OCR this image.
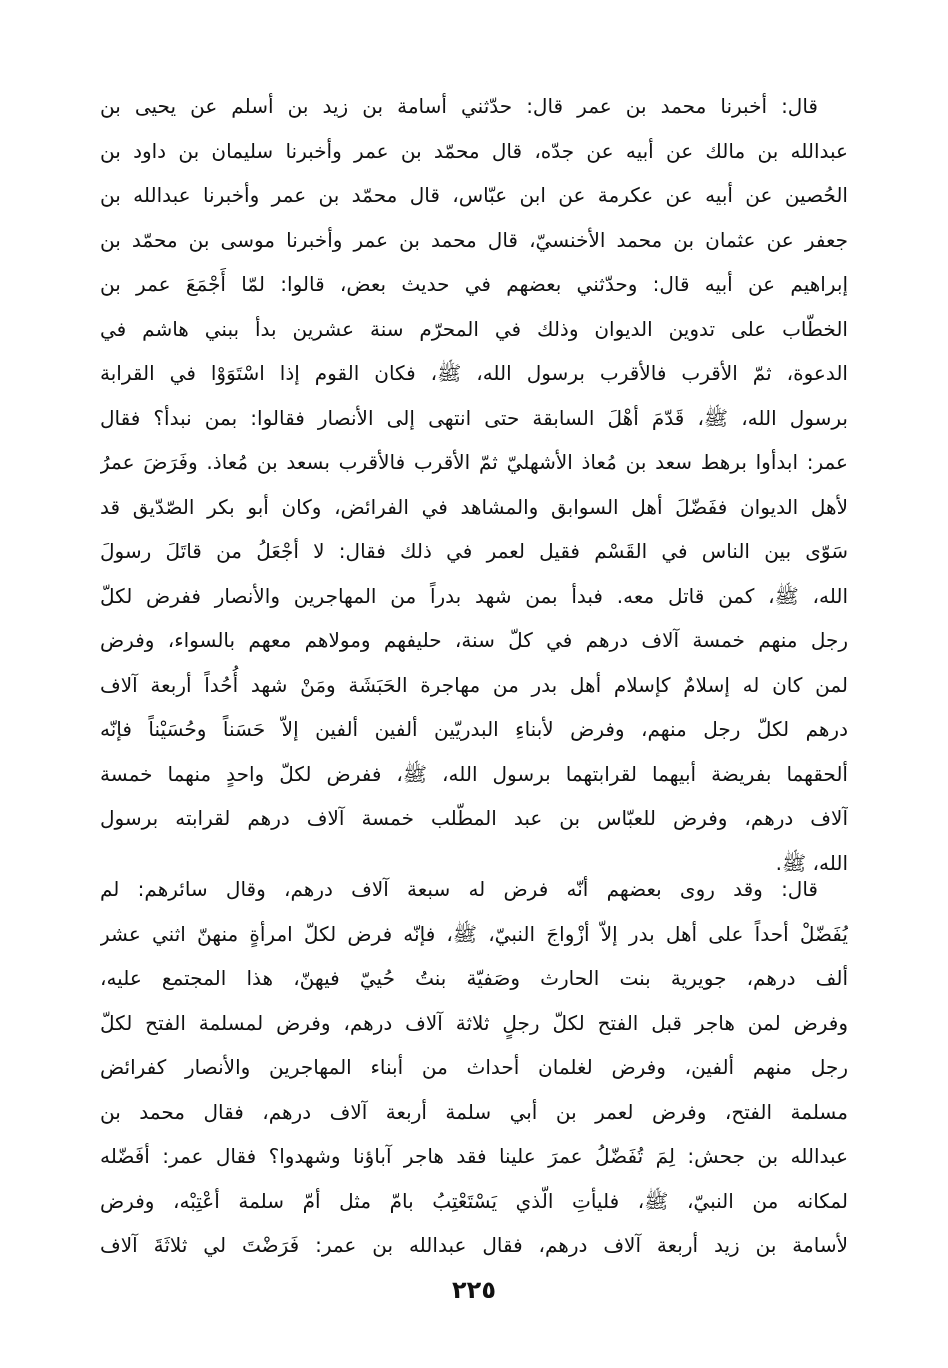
قال: أخبرنا محمد بن عمر قال: حدّثني أسامة بن زيد بن أسلم عن يحيى بن
عبدالله بن مالك عن أبيه عن جدّه، قال محمّد بن عمر وأخبرنا سليمان بن داود بن
الحُصين عن أبيه عن عكرمة عن ابن عبّاس، قال محمّد بن عمر وأخبرنا عبدالله بن
جعفر عن عثمان بن محمد الأخنسيّ، قال محمد بن عمر وأخبرنا موسى بن محمّد بن
إبراهيم عن أبيه قال: وحدّثني بعضهم في حديث بعض، قالوا: لمّا أَجْمَعَ عمر بن
الخطّاب على تدوين الديوان وذلك في المحرّم سنة عشرين بدأ ببني هاشم في
الدعوة، ثمّ الأقرب فالأقرب برسول الله، ﷺ، فكان القوم إذا اسْتَوَوْا في القرابة
برسول الله، ﷺ، قَدّمَ أهْلَ السابقة حتى انتهى إلى الأنصار فقالوا: بمن نبدأ؟ فقال
عمر: ابدأوا برهط سعد بن مُعاذ الأشهليّ ثمّ الأقرب فالأقرب بسعد بن مُعاذ. وفَرَضَ عمرُ
لأهل الديوان ففَضّلَ أهل السوابق والمشاهد في الفرائض، وكان أبو بكر الصّدّيق قد
سَوّى بين الناس في القَسْم فقيل لعمر في ذلك فقال: لا أجْعَلُ من قاتَلَ رسولَ
الله، ﷺ، كمن قاتل معه. فبدأ بمن شهد بدراً من المهاجرين والأنصار ففرض لكلّ
رجل منهم خمسة آلاف درهم في كلّ سنة، حليفهم ومولاهم معهم بالسواء، وفرض
لمن كان له إسلامٌ كإسلام أهل بدر من مهاجرة الحَبَشَة ومَنْ شهد أُحُداً أربعة آلاف
درهم لكلّ رجل منهم، وفرض لأبناءِ البدريّين ألفين ألفين إلاّ حَسَناً وحُسَيْناً فإنّه
ألحقهما بفريضة أبيهما لقرابتهما برسول الله، ﷺ، ففرض لكلّ واحدٍ منهما خمسة
آلاف درهم، وفرض للعبّاس بن عبد المطّلب خمسة آلاف درهم لقرابته برسول
الله، ﷺ.
قال: وقد روى بعضهم أنّه فرض له سبعة آلاف درهم، وقال سائرهم: لم
يُفَضّلْ أحداً على أهل بدر إلاّ أزْواجَ النبيّ، ﷺ، فإنّه فرض لكلّ امرأةٍ منهنّ اثني عشر
ألف درهم، جويرية بنت الحارث وصَفيّة بنتُ حُييّ فيهنّ، هذا المجتمع عليه،
وفرض لمن هاجر قبل الفتح لكلّ رجلٍ ثلاثة آلاف درهم، وفرض لمسلمة الفتح لكلّ
رجل منهم ألفين، وفرض لغلمان أحداث من أبناء المهاجرين والأنصار كفرائض
مسلمة الفتح، وفرض لعمر بن أبي سلمة أربعة آلاف درهم، فقال محمد بن
عبدالله بن جحش: لِمَ تُفَضّلُ عمرَ علينا فقد هاجر آباؤنا وشهدوا؟ فقال عمر: أفَضّله
لمكانه من النبيّ، ﷺ، فليأتِ الّذي يَسْتَعْتِبُ بامّ مثل أمّ سلمة أعْتِبْه، وفرض
لأسامة بن زيد أربعة آلاف درهم، فقال عبدالله بن عمر: فَرَضْتَ لي ثلاثَةَ آلاف
٢٢٥
